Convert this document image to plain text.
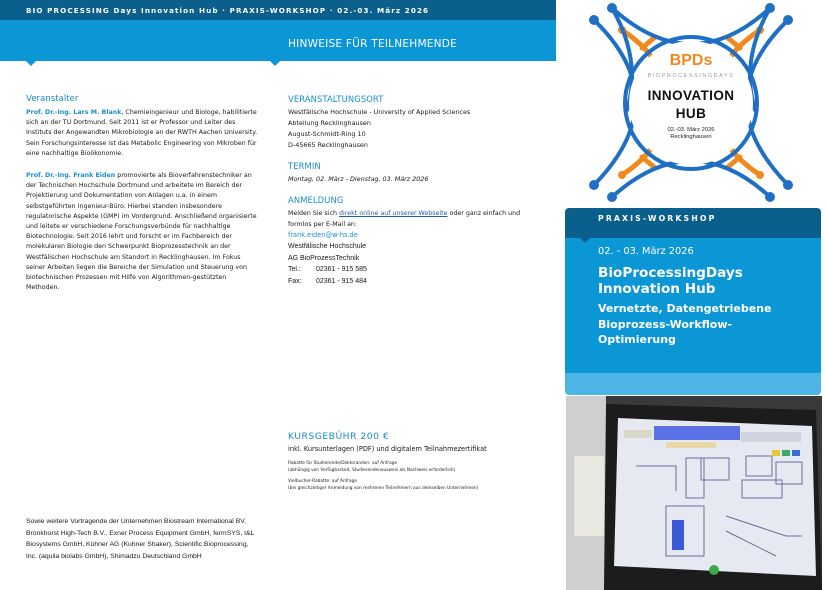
BIO PROCESSING Days Innovation Hub · PRAXIS-WORKSHOP · 02.-03. März 2026
HINWEISE FÜR TEILNEHMENDE
Veranstalter

Prof. Dr.-Ing. Lars M. Blank, Chemieingenieur und Biologe, habilitierte sich an der TU Dortmund. Seit 2011 ist er Professor und Leiter des Instituts der Angewandten Mikrobiologie an der RWTH Aachen University. Sein Forschungsinteresse ist das Metabolic Engineering von Mikroben für eine nachhaltige Bioökonomie.

Prof. Dr.-Ing. Frank Eiden promovierte als Bioverfahrenstechniker an der Technischen Hochschule Dortmund und arbeitete im Bereich der Projektierung und Dokumentation von Anlagen u.a. in einem selbstgeführten Ingenieur-Büro. Hierbei standen insbesondere regulatorische Aspekte (GMP) im Vordergrund. Anschließend organisierte und leitete er verschiedene Forschungsverbünde für nachhaltige Biotechnologie. Seit 2016 lehrt und forscht er im Fachbereich der molekularen Biologie den Schwerpunkt Bioprozesstechnik an der Westfälischen Hochschule am Standort in Recklinghausen. Im Fokus seiner Arbeiten liegen die Bereiche der Simulation und Steuerung von biotechnischen Prozessen mit Hilfe von Algorithmen-gestützten Methoden.

Sowie weitere Vortragende der Unternehmen Biostream International BV, Bronkhorst High-Tech B.V., Exner Process Equipment GmbH, fermSYS, I&L Biosystems GmbH, Kühner AG (Kuhner Shaker), Scientific Bioprocessing, Inc. (aquila biolabs GmbH), Shimadzu Deutschland GmbH
VERANSTALTUNGSORT
Westfälische Hochschule - University of Applied Sciences
Abteilung Recklinghausen
August-Schmidt-Ring 10
D-45665 Recklinghausen
TERMIN
Montag, 02. März - Dienstag, 03. März 2026
ANMELDUNG
Melden Sie sich direkt online auf unserer Webseite oder ganz einfach und formlos per E-Mail an:
frank.eiden@w-hs.de
Westfälische Hochschule
AG BioProzessTechnik
Tel.: 02361 - 915 585
Fax: 02361 - 915 484
KURSGEBÜHR 200 €
inkl. Kursunterlagen (PDF) und digitalem Teilnahmezertifikat
Rabatte für Studierende/Doktoranden: auf Anfrage
(abhängig von Verfügbarkeit, Studierendenausweis als Nachweis erforderlich)
Vielbucher-Rabatte: auf Anfrage
(bei gleichzeitiger Anmeldung von mehreren Teilnehmern aus demselben Unternehmen)
BPDs
BIOPROCESSINGDAYS
INNOVATION
HUB
02.-03. März 2026
Recklinghausen
PRAXIS-WORKSHOP
02. - 03. März 2026
BioProcessingDays
Innovation Hub
Vernetzte, Datengetriebene
Bioprozess-Workflow-
Optimierung
